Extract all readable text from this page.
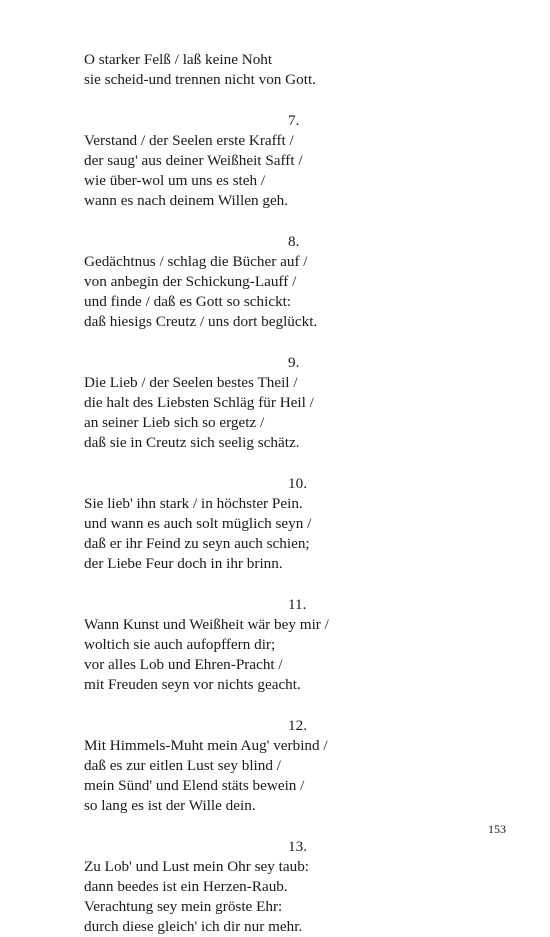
O starker Felß / laß keine Noht
sie scheid-und trennen nicht von Gott.
7.
Verstand / der Seelen erste Krafft /
der saug' aus deiner Weißheit Safft /
wie über-wol um uns es steh /
wann es nach deinem Willen geh.
8.
Gedächtnus / schlag die Bücher auf /
von anbegin der Schickung-Lauff /
und finde / daß es Gott so schickt:
daß hiesigs Creutz / uns dort beglückt.
9.
Die Lieb / der Seelen bestes Theil /
die halt des Liebsten Schläg für Heil /
an seiner Lieb sich so ergetz /
daß sie in Creutz sich seelig schätz.
10.
Sie lieb' ihn stark / in höchster Pein.
und wann es auch solt müglich seyn /
daß er ihr Feind zu seyn auch schien;
der Liebe Feur doch in ihr brinn.
11.
Wann Kunst und Weißheit wär bey mir /
woltich sie auch aufopffern dir;
vor alles Lob und Ehren-Pracht /
mit Freuden seyn vor nichts geacht.
12.
Mit Himmels-Muht mein Aug' verbind /
daß es zur eitlen Lust sey blind /
mein Sünd' und Elend stäts bewein /
so lang es ist der Wille dein.
13.
Zu Lob' und Lust mein Ohr sey taub:
dann beedes ist ein Herzen-Raub.
Verachtung sey mein gröste Ehr:
durch diese gleich' ich dir nur mehr.
153
